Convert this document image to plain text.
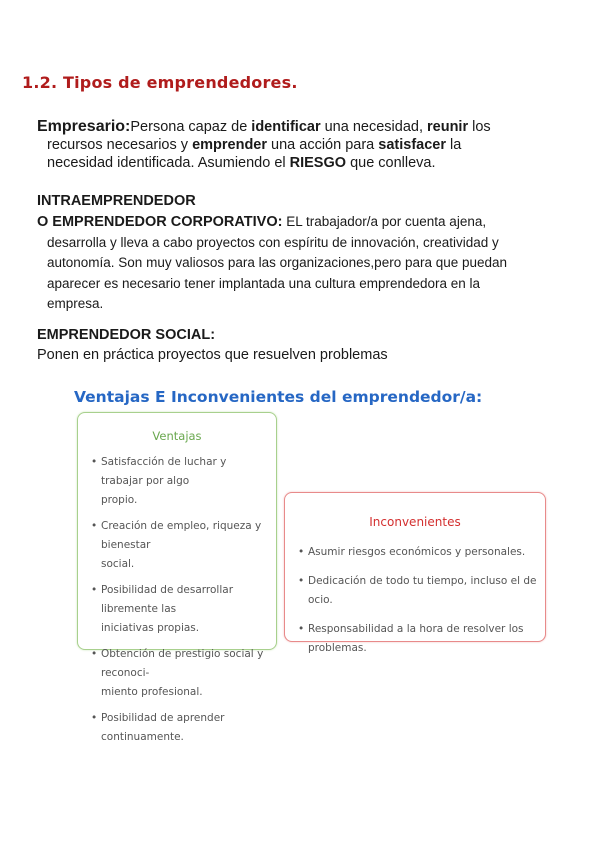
1.2. Tipos de emprendedores.
Empresario:Persona capaz de identificar una necesidad, reunir los
recursos necesarios y emprender una acción para satisfacer la
necesidad identificada. Asumiendo el RIESGO que conlleva.
INTRAEMPRENDEDOR
O EMPRENDEDOR CORPORATIVO: EL trabajador/a por cuenta ajena,
desarrolla y lleva a cabo proyectos con espíritu de innovación, creatividad y
autonomía. Son muy valiosos para las organizaciones,pero para que puedan
aparecer es necesario tener implantada una cultura emprendedora en la
empresa.
EMPRENDEDOR SOCIAL:
Ponen en práctica proyectos que resuelven problemas
Ventajas E Inconvenientes del emprendedor/a:
Ventajas
• Satisfacción de luchar y trabajar por algo
propio.
• Creación de empleo, riqueza y bienestar
social.
• Posibilidad de desarrollar libremente las
iniciativas propias.
• Obtención de prestigio social y reconoci-
miento profesional.
• Posibilidad de aprender continuamente.
Inconvenientes
• Asumir riesgos económicos y personales.
• Dedicación de todo tu tiempo, incluso el de ocio.
• Responsabilidad a la hora de resolver los problemas.
